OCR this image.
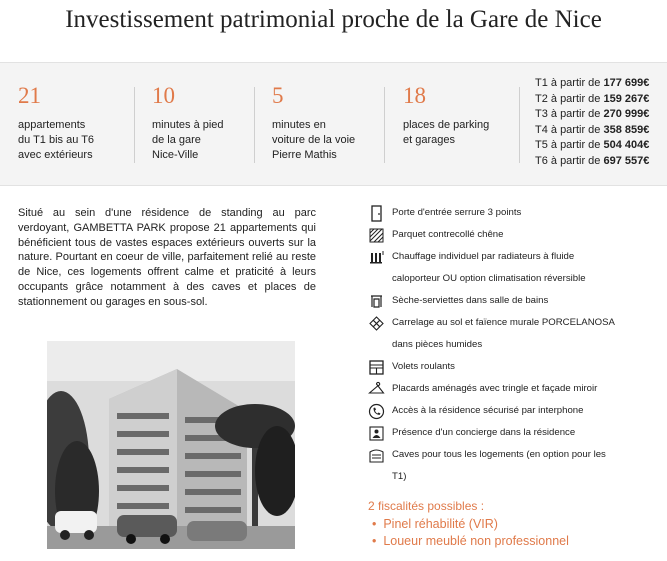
Investissement patrimonial proche de la Gare de Nice
21
appartements
du T1 bis au T6
avec extérieurs
10
minutes à pied
de la gare
Nice-Ville
5
minutes en
voiture de la voie
Pierre Mathis
18
places de parking
et garages
T1 à partir de 177 699€
T2 à partir de 159 267€
T3 à partir de 270 999€
T4 à partir de 358 859€
T5 à partir de 504 404€
T6 à partir de 697 557€
Situé au sein d'une résidence de standing au parc verdoyant, GAMBETTA PARK propose 21 appartements qui bénéficient tous de vastes espaces extérieurs ouverts sur la nature. Pourtant en coeur de ville, parfaitement relié au reste de Nice, ces logements offrent calme et praticité à leurs occupants grâce notamment à des caves et places de stationnement ou garages en sous-sol.
Porte d'entrée serrure 3 points
Parquet contrecollé chêne
Chauffage individuel par radiateurs à fluide
caloporteur OU option climatisation réversible
Sèche-serviettes dans salle de bains
Carrelage au sol et faïence murale PORCELANOSA
dans pièces humides
Volets roulants
Placards aménagés avec tringle et façade miroir
Accès à la résidence sécurisé par interphone
Présence d'un concierge dans la résidence
Caves pour tous les logements (en option pour les
T1)
2 fiscalités possibles :
•  Pinel réhabilité (VIR)
•  Loueur meublé non professionnel
